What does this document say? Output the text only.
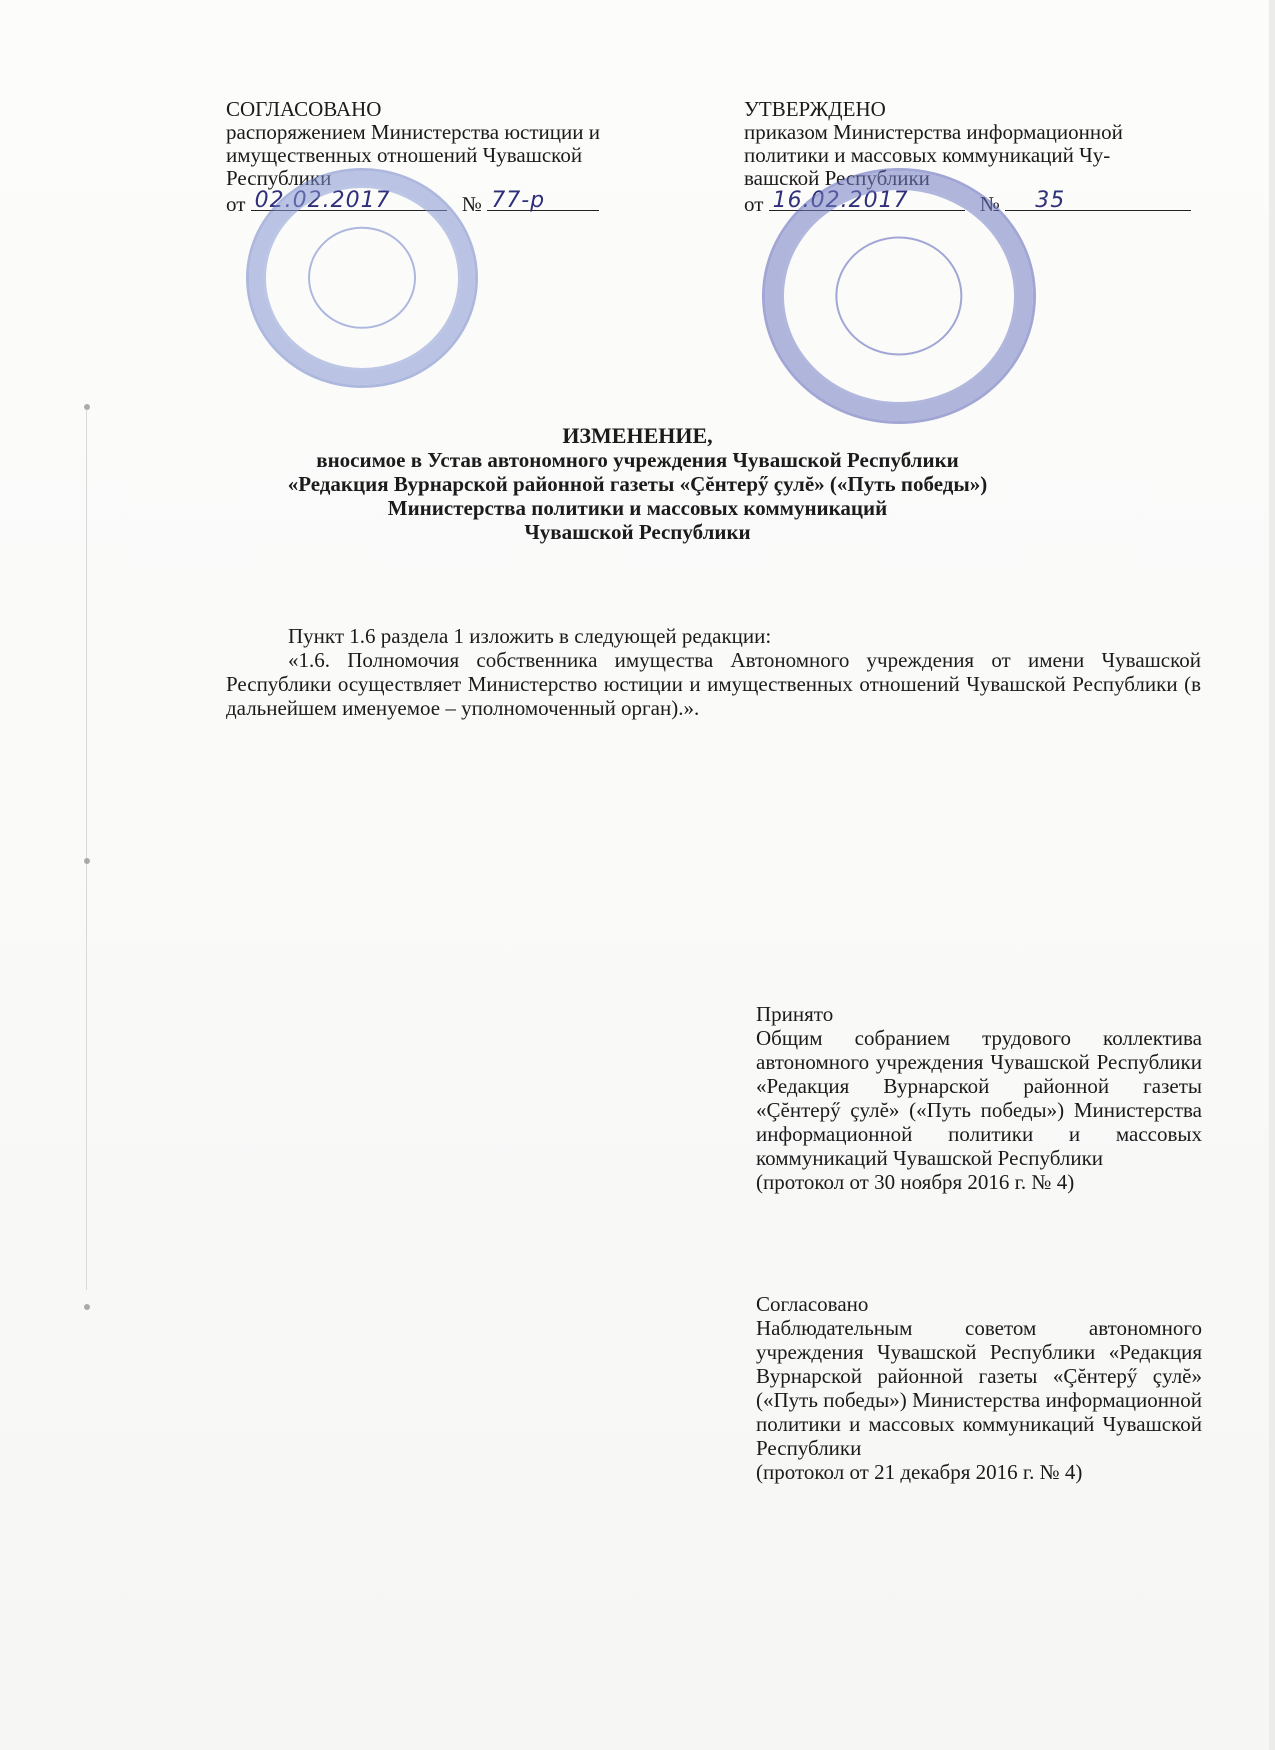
СОГЛАСОВАНО
распоряжением Министерства юстиции и
имущественных отношений Чувашской
Республики
от 02.02.2017	№ 77-р
УТВЕРЖДЕНО
приказом Министерства информационной
политики и массовых коммуникаций Чу-
вашской Республики
от 16.02.2017	№ 35
ИЗМЕНЕНИЕ,
вносимое в Устав автономного учреждения Чувашской Республики
«Редакция Вурнарской районной газеты «Çĕнтерӳ çулĕ» («Путь победы»)
Министерства политики и массовых коммуникаций
Чувашской Республики
Пункт 1.6 раздела 1 изложить в следующей редакции:
«1.6. Полномочия собственника имущества Автономного учреждения от имени Чувашской Республики осуществляет Министерство юстиции и имущественных отношений Чувашской Республики (в дальнейшем именуемое – уполномоченный орган).».
Принято
Общим собранием трудового коллектива автономного учреждения Чувашской Республики «Редакция Вурнарской районной газеты «Çĕнтерӳ çулĕ» («Путь победы») Министерства информационной политики и массовых коммуникаций Чувашской Республики
(протокол от 30 ноября 2016 г. № 4)
Согласовано
Наблюдательным советом автономного учреждения Чувашской Республики «Редакция Вурнарской районной газеты «Çĕнтерӳ çулĕ» («Путь победы») Министерства информационной политики и массовых коммуникаций Чувашской Республики
(протокол от 21 декабря 2016 г. № 4)
